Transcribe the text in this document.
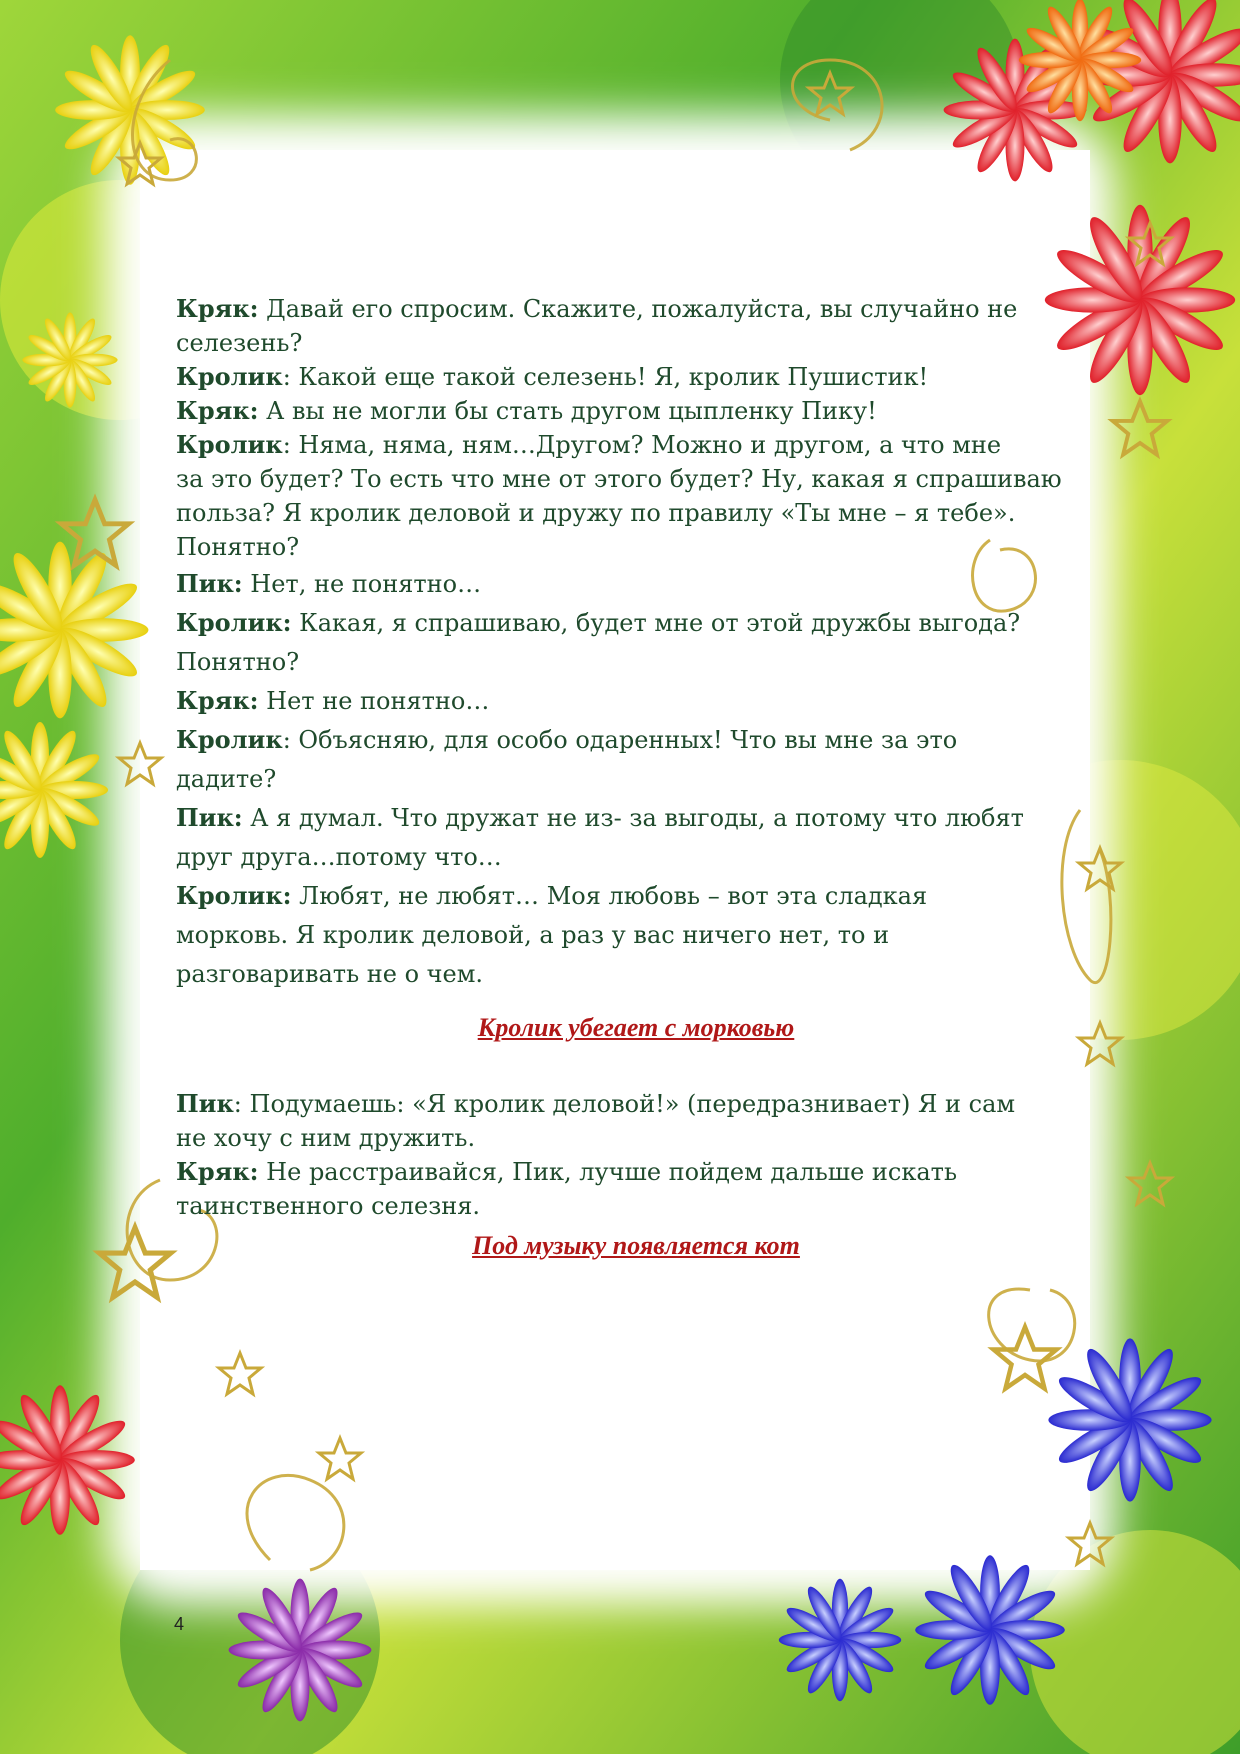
Кряк: Давай его спросим. Скажите, пожалуйста, вы случайно не
селезень?
Кролик: Какой еще такой селезень! Я, кролик Пушистик!
Кряк: А вы не могли бы стать другом цыпленку Пику!
Кролик: Няма, няма, ням…Другом? Можно и другом, а что мне
за это будет? То есть что мне от этого будет? Ну, какая я спрашиваю
польза? Я кролик деловой и дружу по правилу «Ты мне – я тебе».
Понятно?
Пик: Нет, не понятно…
Кролик: Какая, я спрашиваю, будет мне от этой дружбы выгода?
Понятно?
Кряк: Нет не понятно…
Кролик: Объясняю, для особо одаренных! Что вы мне за это
дадите?
Пик: А я думал. Что дружат не из- за выгоды, а потому что любят
друг друга…потому что…
Кролик: Любят, не любят… Моя любовь – вот эта сладкая
морковь. Я кролик деловой, а раз у вас ничего нет, то и
разговаривать не о чем.
Кролик убегает с морковью
Пик: Подумаешь: «Я кролик деловой!» (передразнивает) Я и сам
не хочу с ним дружить.
Кряк: Не расстраивайся, Пик, лучше пойдем дальше искать
таинственного селезня.
Под музыку появляется кот
4
